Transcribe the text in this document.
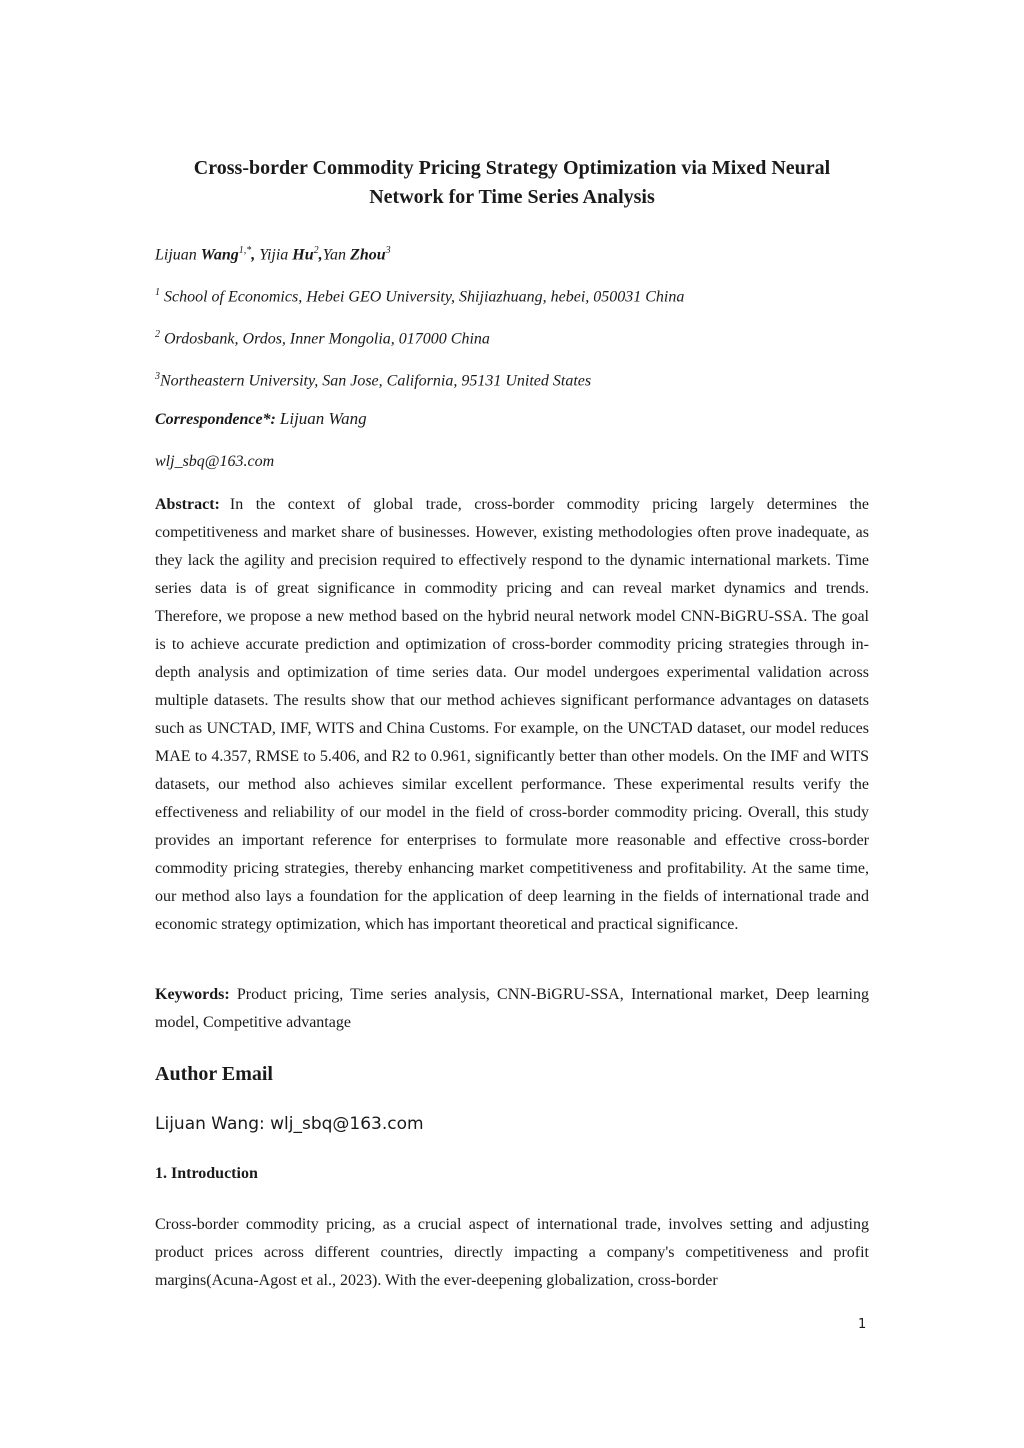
Cross-border Commodity Pricing Strategy Optimization via Mixed Neural Network for Time Series Analysis
Lijuan Wang$^{1,*}$, Yijia Hu$^2$,Yan Zhou$^3$
$^1$ School of Economics, Hebei GEO University, Shijiazhuang, hebei, 050031 China
$^2$ Ordosbank, Ordos, Inner Mongolia, 017000 China
$^3$Northeastern University, San Jose, California, 95131 United States
Correspondence*: Lijuan Wang
wlj_sbq@163.com
Abstract: In the context of global trade, cross-border commodity pricing largely determines the competitiveness and market share of businesses. However, existing methodologies often prove inadequate, as they lack the agility and precision required to effectively respond to the dynamic international markets. Time series data is of great significance in commodity pricing and can reveal market dynamics and trends. Therefore, we propose a new method based on the hybrid neural network model CNN-BiGRU-SSA. The goal is to achieve accurate prediction and optimization of cross-border commodity pricing strategies through in-depth analysis and optimization of time series data. Our model undergoes experimental validation across multiple datasets. The results show that our method achieves significant performance advantages on datasets such as UNCTAD, IMF, WITS and China Customs. For example, on the UNCTAD dataset, our model reduces MAE to 4.357, RMSE to 5.406, and R2 to 0.961, significantly better than other models. On the IMF and WITS datasets, our method also achieves similar excellent performance. These experimental results verify the effectiveness and reliability of our model in the field of cross-border commodity pricing. Overall, this study provides an important reference for enterprises to formulate more reasonable and effective cross-border commodity pricing strategies, thereby enhancing market competitiveness and profitability. At the same time, our method also lays a foundation for the application of deep learning in the fields of international trade and economic strategy optimization, which has important theoretical and practical significance.
Keywords: Product pricing, Time series analysis, CNN-BiGRU-SSA, International market, Deep learning model, Competitive advantage
Author Email
Lijuan Wang: wlj_sbq@163.com
1. Introduction
Cross-border commodity pricing, as a crucial aspect of international trade, involves setting and adjusting product prices across different countries, directly impacting a company's competitiveness and profit margins(Acuna-Agost et al., 2023). With the ever-deepening globalization, cross-border
1
